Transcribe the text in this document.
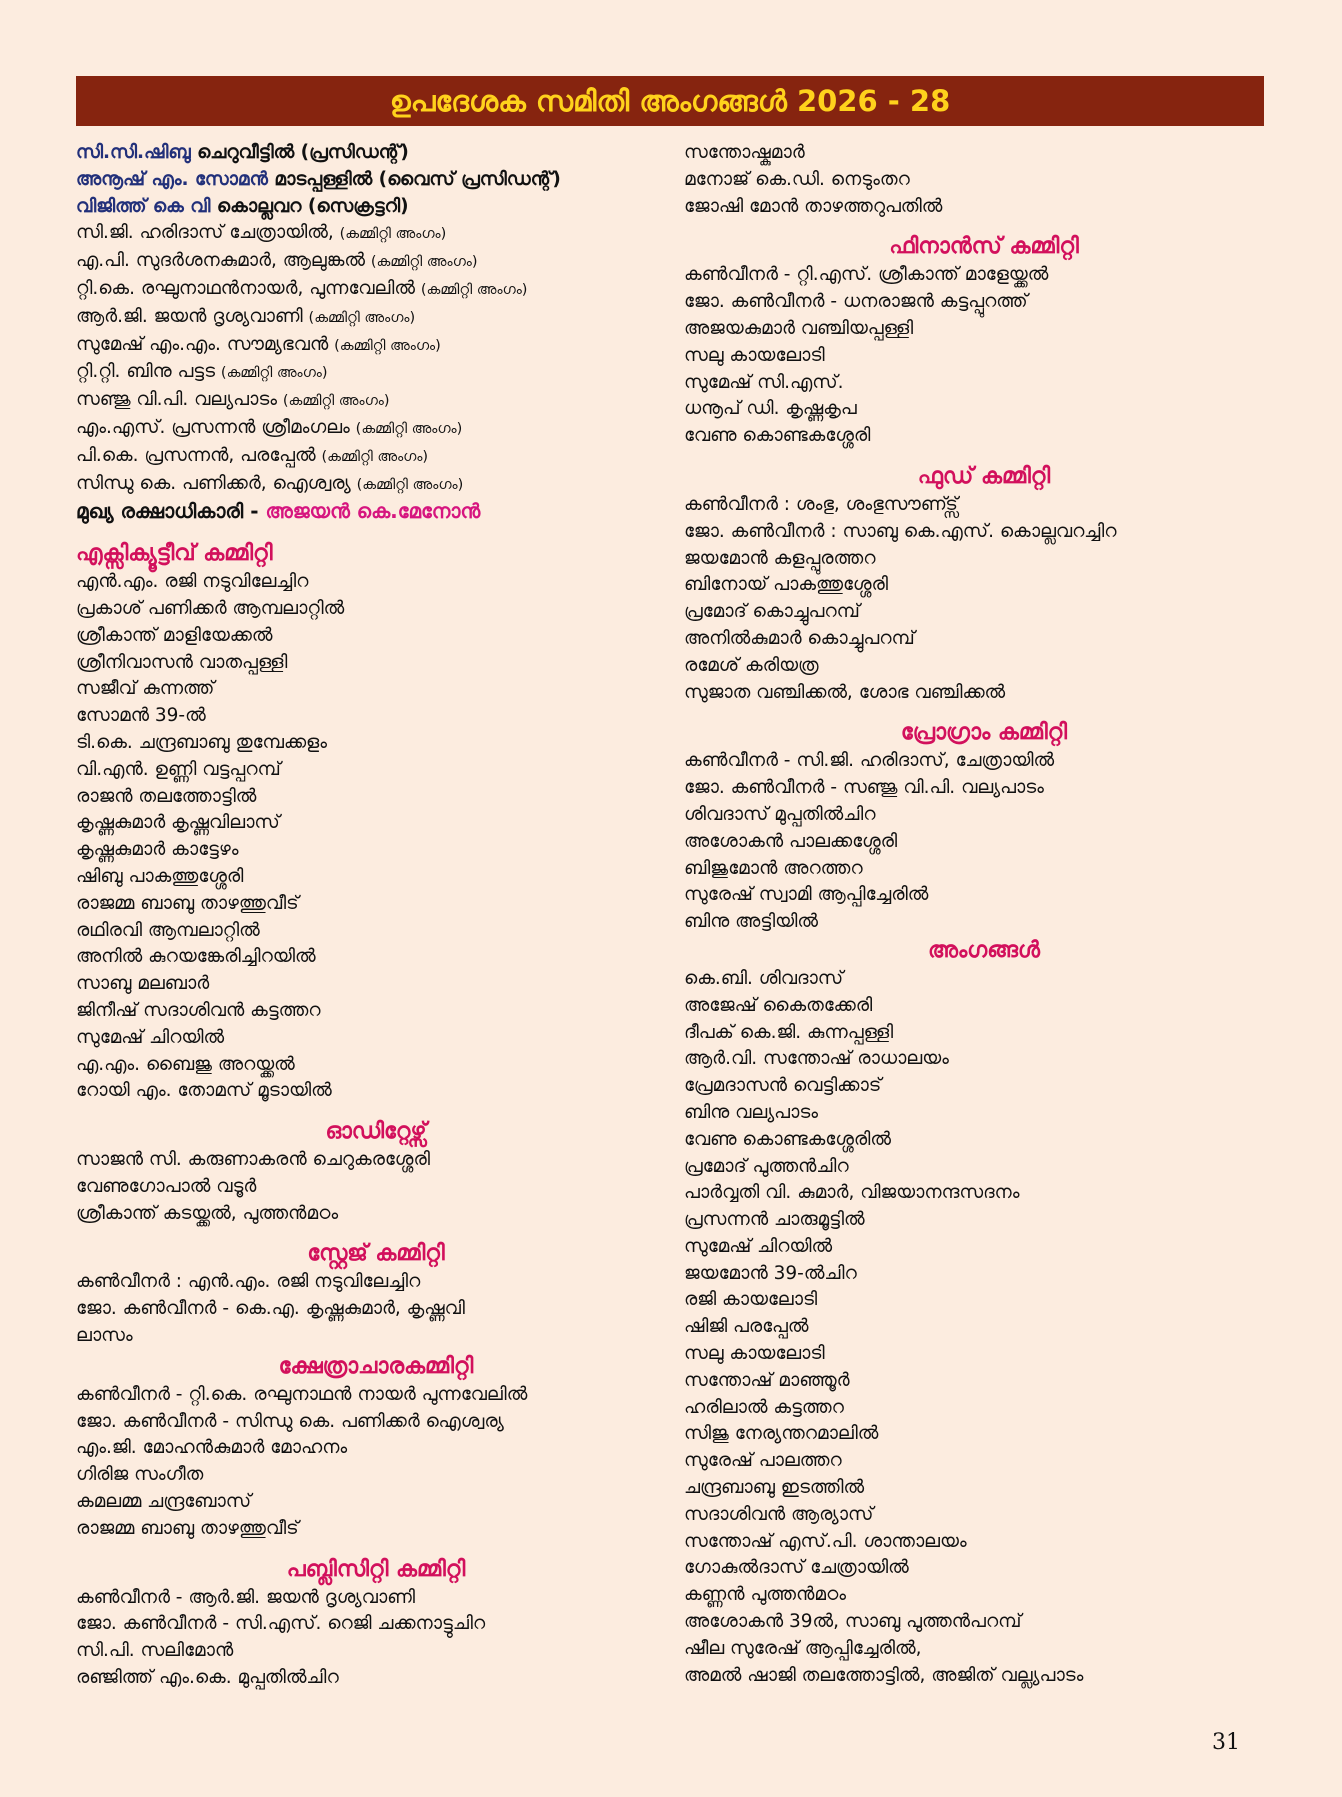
ഉപദേശക സമിതി അംഗങ്ങൾ 2026 - 28
സി.സി.ഷിബു ചെറുവീട്ടിൽ (പ്രസിഡന്റ്)
അനൂഷ് എം. സോമൻ മാടപ്പള്ളിൽ (വൈസ് പ്രസിഡന്റ്)
വിജിത്ത് കെ വി കൊല്ലവറ (സെക്രട്ടറി)
സി.ജി. ഹരിദാസ് ചേത്രായിൽ, (കമ്മിറ്റി അംഗം)
എ.പി. സുദർശനകുമാർ, ആലുങ്കൽ (കമ്മിറ്റി അംഗം)
റ്റി.കെ. രഘുനാഥൻനായർ, പുന്നവേലിൽ (കമ്മിറ്റി അംഗം)
ആർ.ജി. ജയൻ ദൃശ്യവാണി (കമ്മിറ്റി അംഗം)
സുമേഷ് എം.എം. സൗമ്യഭവൻ (കമ്മിറ്റി അംഗം)
റ്റി.റ്റി. ബിനു പട്ടട (കമ്മിറ്റി അംഗം)
സഞ്ജു വി.പി. വല്യപാടം (കമ്മിറ്റി അംഗം)
എം.എസ്. പ്രസന്നൻ ശ്രീമംഗലം (കമ്മിറ്റി അംഗം)
പി.കെ. പ്രസന്നൻ, പരപ്പേൽ (കമ്മിറ്റി അംഗം)
സിന്ധു കെ. പണിക്കർ, ഐശ്വര്യ (കമ്മിറ്റി അംഗം)
മുഖ്യ രക്ഷാധികാരി - അജയൻ കെ.മേനോൻ
എക്സിക്യൂട്ടീവ് കമ്മിറ്റി
എൻ.എം. രജി നടുവിലേച്ചിറ
പ്രകാശ് പണിക്കർ ആമ്പലാറ്റിൽ
ശ്രീകാന്ത് മാളിയേക്കൽ
ശ്രീനിവാസൻ വാതപ്പള്ളി
സജീവ് കുന്നത്ത്
സോമൻ 39-ൽ
ടി.കെ. ചന്ദ്രബാബു തുമ്പേക്കളം
വി.എൻ. ഉണ്ണി വട്ടപ്പറമ്പ്
രാജൻ തലത്തോട്ടിൽ
കൃഷ്ണകുമാർ കൃഷ്ണവിലാസ്
കൃഷ്ണകുമാർ കാട്ടേഴം
ഷിബു പാകത്തുശ്ശേരി
രാജമ്മ ബാബു താഴത്തുവീട്
രഥിരവി ആമ്പലാറ്റിൽ
അനിൽ കുറയങ്കേരിച്ചിറയിൽ
സാബു മലബാർ
ജിനീഷ് സദാശിവൻ കട്ടത്തറ
സുമേഷ് ചിറയിൽ
എ.എം. ബൈജു അറയ്ക്കൽ
റോയി എം. തോമസ് മൂടായിൽ
ഓഡിറ്റേഴ്സ്
സാജൻ സി. കരുണാകരൻ ചെറുകരശ്ശേരി
വേണുഗോപാൽ വടൂർ
ശ്രീകാന്ത് കടയ്ക്കൽ, പുത്തൻമഠം
സ്റ്റേജ് കമ്മിറ്റി
കൺവീനർ : എൻ.എം. രജി നടുവിലേച്ചിറ
ജോ. കൺവീനർ - കെ.എ. കൃഷ്ണകുമാർ, കൃഷ്ണവി
ലാസം
ക്ഷേത്രാചാരകമ്മിറ്റി
കൺവീനർ - റ്റി.കെ. രഘുനാഥൻ നായർ പുന്നവേലിൽ
ജോ. കൺവീനർ - സിന്ധു കെ. പണിക്കർ ഐശ്വര്യ
എം.ജി. മോഹൻകുമാർ മോഹനം
ഗിരിജ സംഗീത
കമലമ്മ ചന്ദ്രബോസ്
രാജമ്മ ബാബു താഴത്തുവീട്
പബ്ലിസിറ്റി കമ്മിറ്റി
കൺവീനർ - ആർ.ജി. ജയൻ ദൃശ്യവാണി
ജോ. കൺവീനർ - സി.എസ്. റെജി ചക്കനാട്ടുചിറ
സി.പി. സലിമോൻ
രഞ്ജിത്ത് എം.കെ. മുപ്പതിൽചിറ
സന്തോഷ്കുമാർ
മനോജ് കെ.ഡി. നെടുംതറ
ജോഷി മോൻ താഴത്തറുപതിൽ
ഫിനാൻസ് കമ്മിറ്റി
കൺവീനർ - റ്റി.എസ്. ശ്രീകാന്ത് മാളേയ്ക്കൽ
ജോ. കൺവീനർ - ധനരാജൻ കട്ടപ്പുറത്ത്
അജയകുമാർ വഞ്ചിയപ്പള്ളി
സലു കായലോടി
സുമേഷ് സി.എസ്.
ധനൂപ് ഡി. കൃഷ്ണകൃപ
വേണു കൊണ്ടകശ്ശേരി
ഫുഡ് കമ്മിറ്റി
കൺവീനർ : ശംഭു, ശംഭുസൗണ്ട്സ്
ജോ. കൺവീനർ : സാബു കെ.എസ്. കൊല്ലവറച്ചിറ
ജയമോൻ കളപ്പുരത്തറ
ബിനോയ് പാകത്തുശ്ശേരി
പ്രമോദ് കൊച്ചുപറമ്പ്
അനിൽകുമാർ കൊച്ചുപറമ്പ്
രമേശ് കരിയത്ര
സുജാത വഞ്ചിക്കൽ, ശോഭ വഞ്ചിക്കൽ
പ്രോഗ്രാം കമ്മിറ്റി
കൺവീനർ - സി.ജി. ഹരിദാസ്, ചേത്രായിൽ
ജോ. കൺവീനർ - സഞ്ജു വി.പി. വല്യപാടം
ശിവദാസ് മുപ്പതിൽചിറ
അശോകൻ പാലക്കശ്ശേരി
ബിജുമോൻ അറത്തറ
സുരേഷ് സ്വാമി ആപ്പിച്ചേരിൽ
ബിനു അട്ടിയിൽ
അംഗങ്ങൾ
കെ.ബി. ശിവദാസ്
അജേഷ് കൈതക്കേരി
ദീപക് കെ.ജി. കുന്നപ്പള്ളി
ആർ.വി. സന്തോഷ് രാധാലയം
പ്രേമദാസൻ വെട്ടിക്കാട്
ബിനു വല്യപാടം
വേണു കൊണ്ടകശ്ശേരിൽ
പ്രമോദ് പുത്തൻചിറ
പാർവ്വതി വി. കുമാർ, വിജയാനന്ദസദനം
പ്രസന്നൻ ചാരുമൂട്ടിൽ
സുമേഷ് ചിറയിൽ
ജയമോൻ 39-ൽചിറ
രജി കായലോടി
ഷിജി പരപ്പേൽ
സലു കായലോടി
സന്തോഷ് മാഞ്ഞൂർ
ഹരിലാൽ കട്ടത്തറ
സിജു നേര്യന്തറമാലിൽ
സുരേഷ് പാലത്തറ
ചന്ദ്രബാബു ഇടത്തിൽ
സദാശിവൻ ആര്യാസ്
സന്തോഷ് എസ്.പി. ശാന്താലയം
ഗോകുൽദാസ് ചേത്രായിൽ
കണ്ണൻ പുത്തൻമഠം
അശോകൻ 39ൽ, സാബു പുത്തൻപറമ്പ്
ഷീല സുരേഷ് ആപ്പിച്ചേരിൽ,
അമൽ ഷാജി തലത്തോട്ടിൽ, അജിത് വല്ല്യപാടം
31
